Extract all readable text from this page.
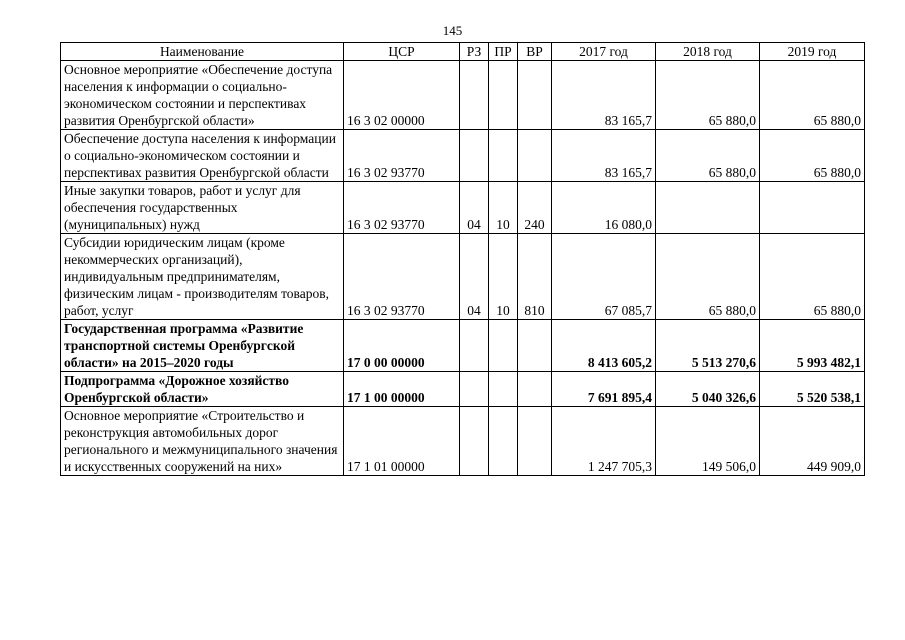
145
Наименование	ЦСР	РЗ	ПР	ВР	2017 год	2018 год	2019 год
Основное мероприятие «Обеспечение доступа населения к информации о социально-экономическом состоянии и перспективах развития Оренбургской области»	16 3 02 00000				83 165,7	65 880,0	65 880,0
Обеспечение доступа населения к информации о социально-экономическом состоянии и перспективах развития Оренбургской области	16 3 02 93770				83 165,7	65 880,0	65 880,0
Иные закупки товаров, работ и услуг для обеспечения государственных (муниципальных) нужд	16 3 02 93770	04	10	240	16 080,0		
Субсидии юридическим лицам (кроме некоммерческих организаций), индивидуальным предпринимателям, физическим лицам - производителям товаров, работ, услуг	16 3 02 93770	04	10	810	67 085,7	65 880,0	65 880,0
Государственная программа «Развитие транспортной системы Оренбургской области» на 2015–2020 годы	17 0 00 00000				8 413 605,2	5 513 270,6	5 993 482,1
Подпрограмма «Дорожное хозяйство Оренбургской области»	17 1 00 00000				7 691 895,4	5 040 326,6	5 520 538,1
Основное мероприятие «Строительство и реконструкция автомобильных дорог регионального и межмуниципального значения и искусственных сооружений на них»	17 1 01 00000				1 247 705,3	149 506,0	449 909,0
